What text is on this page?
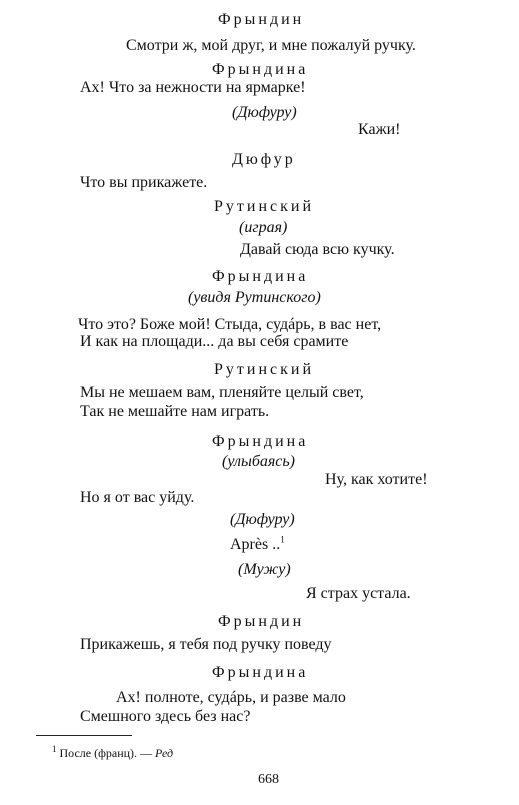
Фрындин
Смотри ж, мой друг, и мне пожалуй ручку.
Фрындина
Ах! Что за нежности на ярмарке!
(Дюфуру)
Кажи!
Дюфур
Что вы прикажете.
Рутинский
(играя)
Давай сюда всю кучку.
Фрындина
(увидя Рутинского)
Что это? Боже мой! Стыда, судáрь, в вас нет,
И как на площади... да вы себя срамите
Рутинский
Мы не мешаем вам, пленяйте целый свет,
Так не мешайте нам играть.
Фрындина
(улыбаясь)
Ну, как хотите!
Но я от вас уйду.
(Дюфуру)
Après ..$^1$
(Мужу)
Я страх устала.
Фрындин
Прикажешь, я тебя под ручку поведу
Фрындина
Ах! полноте, судáрь, и разве мало
Смешного здесь без нас?
$^1$ После (франц). — Ред
668
